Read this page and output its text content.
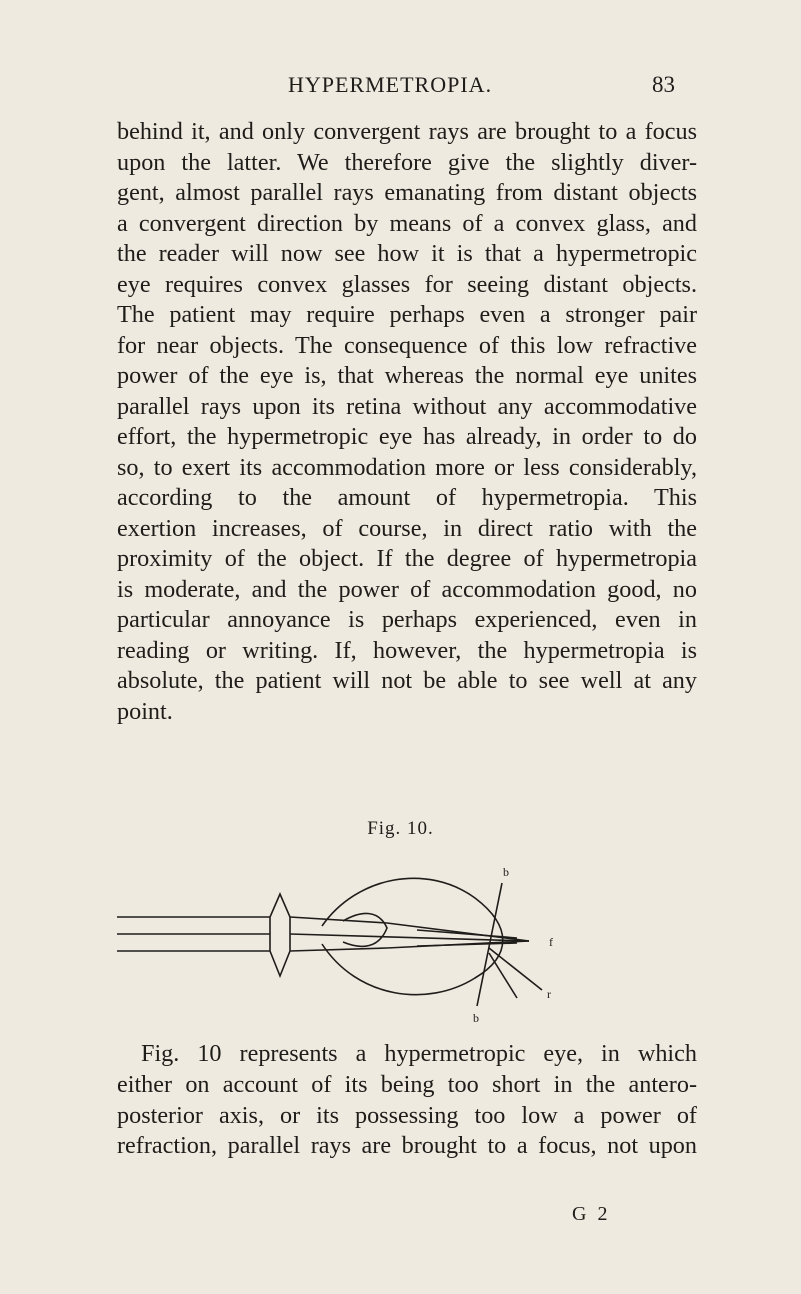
HYPERMETROPIA.	83
behind it, and only convergent rays are brought to a focus
upon the latter. We therefore give the slightly diver-
gent, almost parallel rays emanating from distant objects
a convergent direction by means of a convex glass, and
the reader will now see how it is that a hypermetropic
eye requires convex glasses for seeing distant objects.
The patient may require perhaps even a stronger pair
for near objects. The consequence of this low refractive
power of the eye is, that whereas the normal eye unites
parallel rays upon its retina without any accommodative
effort, the hypermetropic eye has already, in order to do
so, to exert its accommodation more or less considerably,
according to the amount of hypermetropia. This
exertion increases, of course, in direct ratio with the
proximity of the object. If the degree of hypermetropia
is moderate, and the power of accommodation good, no
particular annoyance is perhaps experienced, even in
reading or writing. If, however, the hypermetropia is
absolute, the patient will not be able to see well at any
point.
Fig. 10.
b
b
f
r
Fig. 10 represents a hypermetropic eye, in which
either on account of its being too short in the antero-
posterior axis, or its possessing too low a power of
refraction, parallel rays are brought to a focus, not upon
G 2
